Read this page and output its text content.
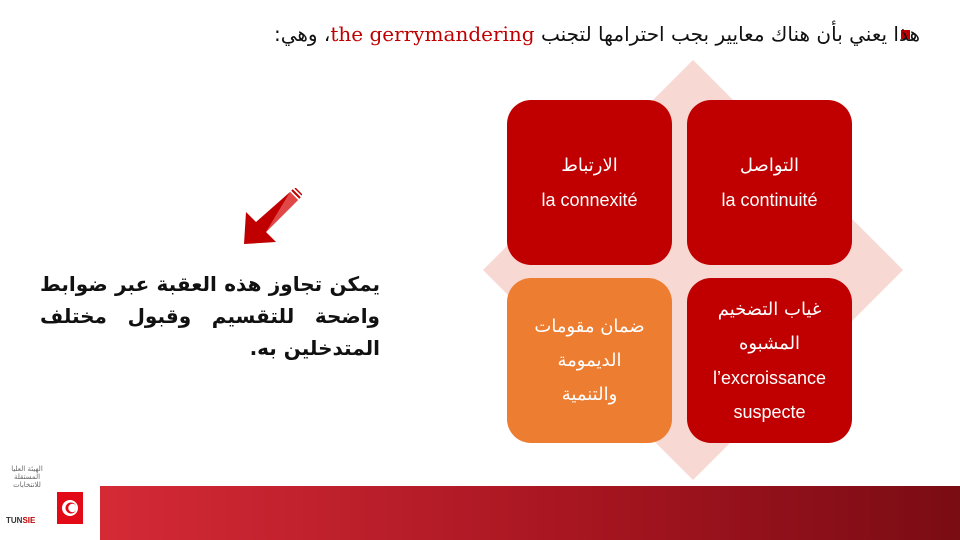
هذا يعني بأن هناك معايير بجب احترامها لتجنب the gerrymandering، وهي:
الارتباط
la connexité
التواصل
la continuité
ضمان مقومات الديمومة والتنمية
غياب التضخيم المشبوه
l’excroissance suspecte
يمكن تجاوز هذه العقبة عبر ضوابط واضحة للتقسيم وقبول مختلف المتدخلين به.
الهيئة العليا المستقلة للانتخابات
TUNSIE
